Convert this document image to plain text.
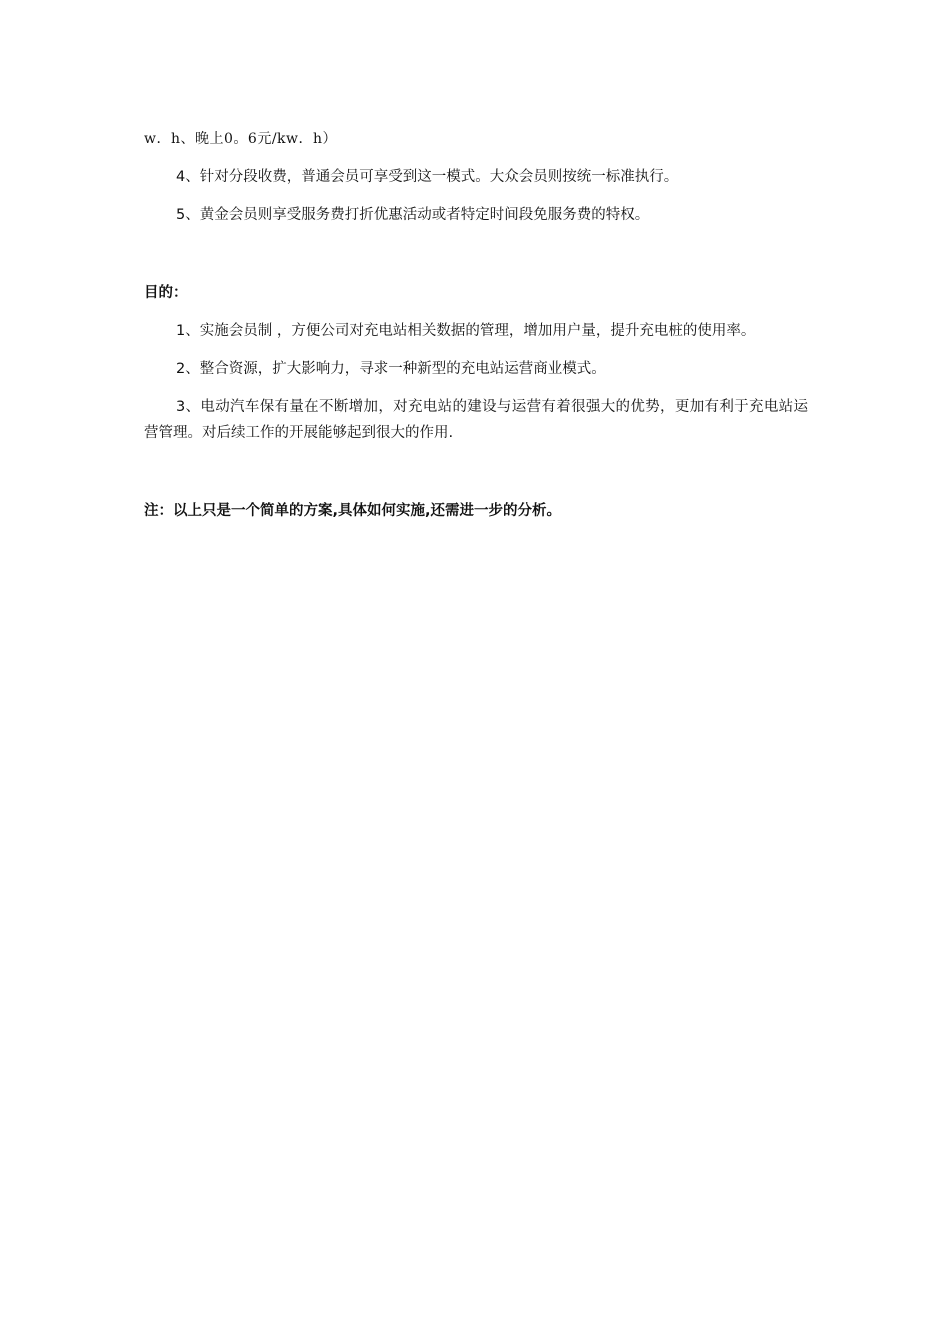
w．h、晚上0。6元/kw．h）

4、针对分段收费，普通会员可享受到这一模式。大众会员则按统一标准执行。

5、黄金会员则享受服务费打折优惠活动或者特定时间段免服务费的特权。

目的：

1、实施会员制 ，方便公司对充电站相关数据的管理，增加用户量，提升充电桩的使用率。

2、整合资源，扩大影响力，寻求一种新型的充电站运营商业模式。

3、电动汽车保有量在不断增加，对充电站的建设与运营有着很强大的优势，更加有利于充电站运营管理。对后续工作的开展能够起到很大的作用.

注：以上只是一个简单的方案,具体如何实施,还需进一步的分析。
